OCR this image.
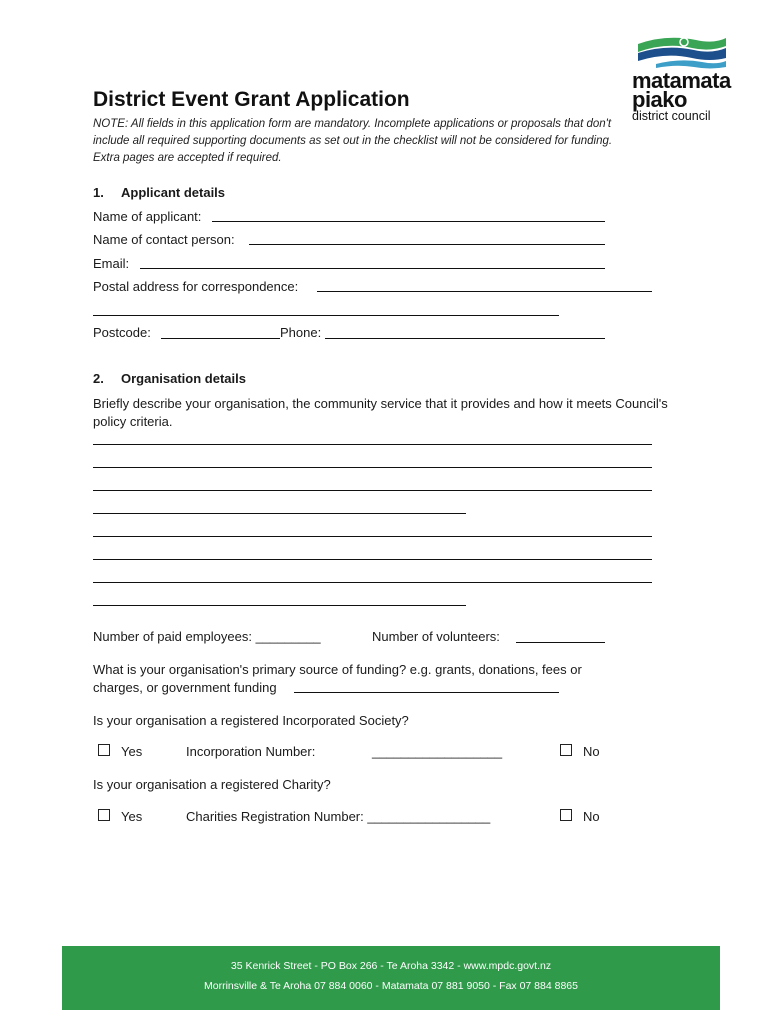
matamata
piako
district council
District Event Grant Application
NOTE: All fields in this application form are mandatory. Incomplete applications or proposals that don't include all required supporting documents as set out in the checklist will not be considered for funding. Extra pages are accepted if required.
1. Applicant details
Name of applicant:
Name of contact person:
Email:
Postal address for correspondence:
Postcode:	Phone:
2. Organisation details
Briefly describe your organisation, the community service that it provides and how it meets Council's policy criteria.
Number of paid employees: _________	Number of volunteers:
What is your organisation's primary source of funding? e.g. grants, donations, fees or
charges, or government funding
Is your organisation a registered Incorporated Society?
Yes	Incorporation Number:	__________________	No
Is your organisation a registered Charity?
Yes	Charities Registration Number: _________________	No
35 Kenrick Street - PO Box 266 - Te Aroha 3342 - www.mpdc.govt.nz
Morrinsville & Te Aroha 07 884 0060 - Matamata 07 881 9050 - Fax 07 884 8865
